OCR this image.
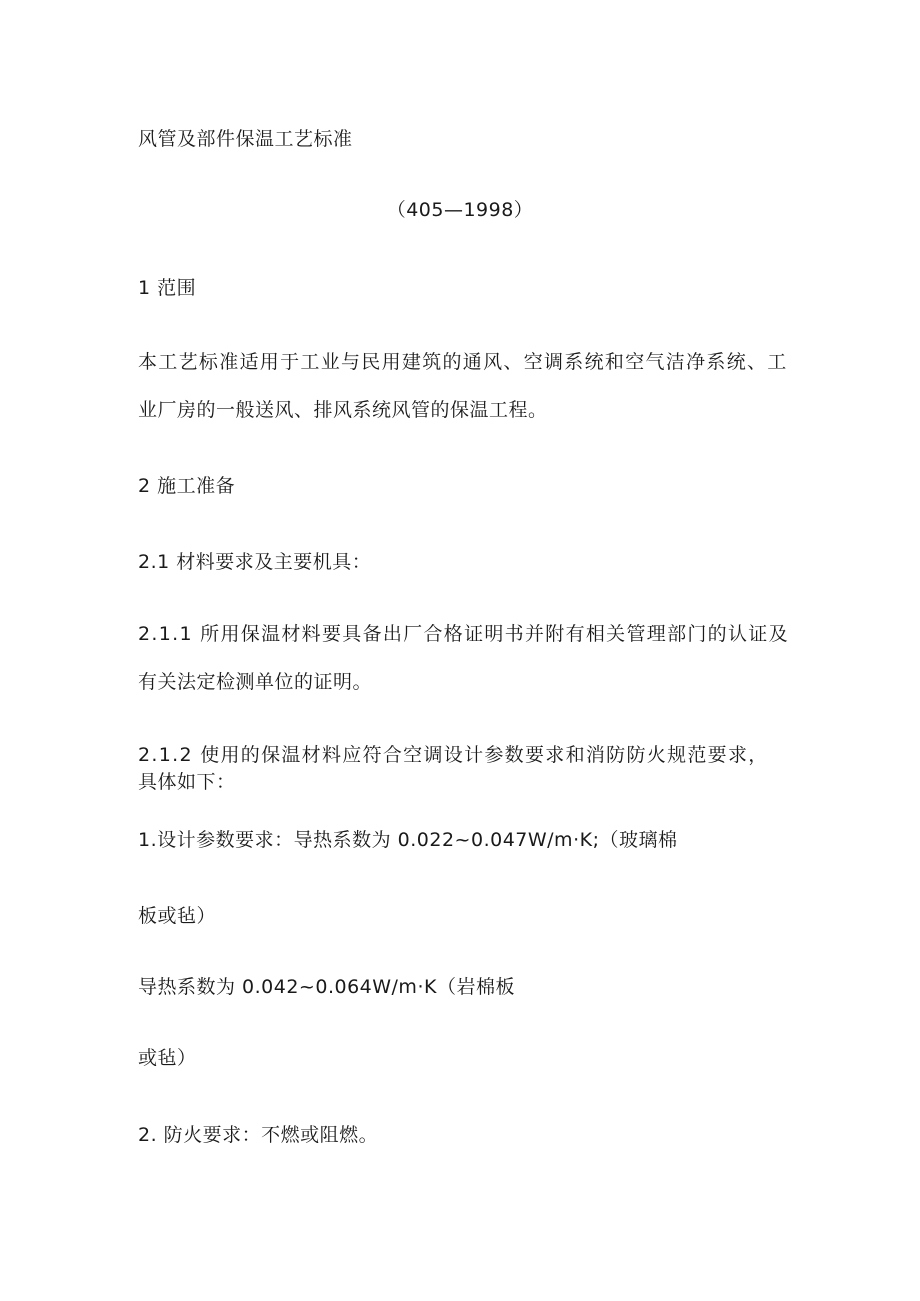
风管及部件保温工艺标准

（405—1998）

1 范围

本工艺标准适用于工业与民用建筑的通风、空调系统和空气洁净系统、工

业厂房的一般送风、排风系统风管的保温工程。

2 施工准备

2.1 材料要求及主要机具：

2.1.1 所用保温材料要具备出厂合格证明书并附有相关管理部门的认证及

有关法定检测单位的证明。

2.1.2 使用的保温材料应符合空调设计参数要求和消防防火规范要求，

具体如下：

1.设计参数要求：导热系数为 0.022~0.047W/m·K;（玻璃棉

板或毡）

导热系数为 0.042~0.064W/m·K（岩棉板

或毡）

2. 防火要求：不燃或阻燃。
